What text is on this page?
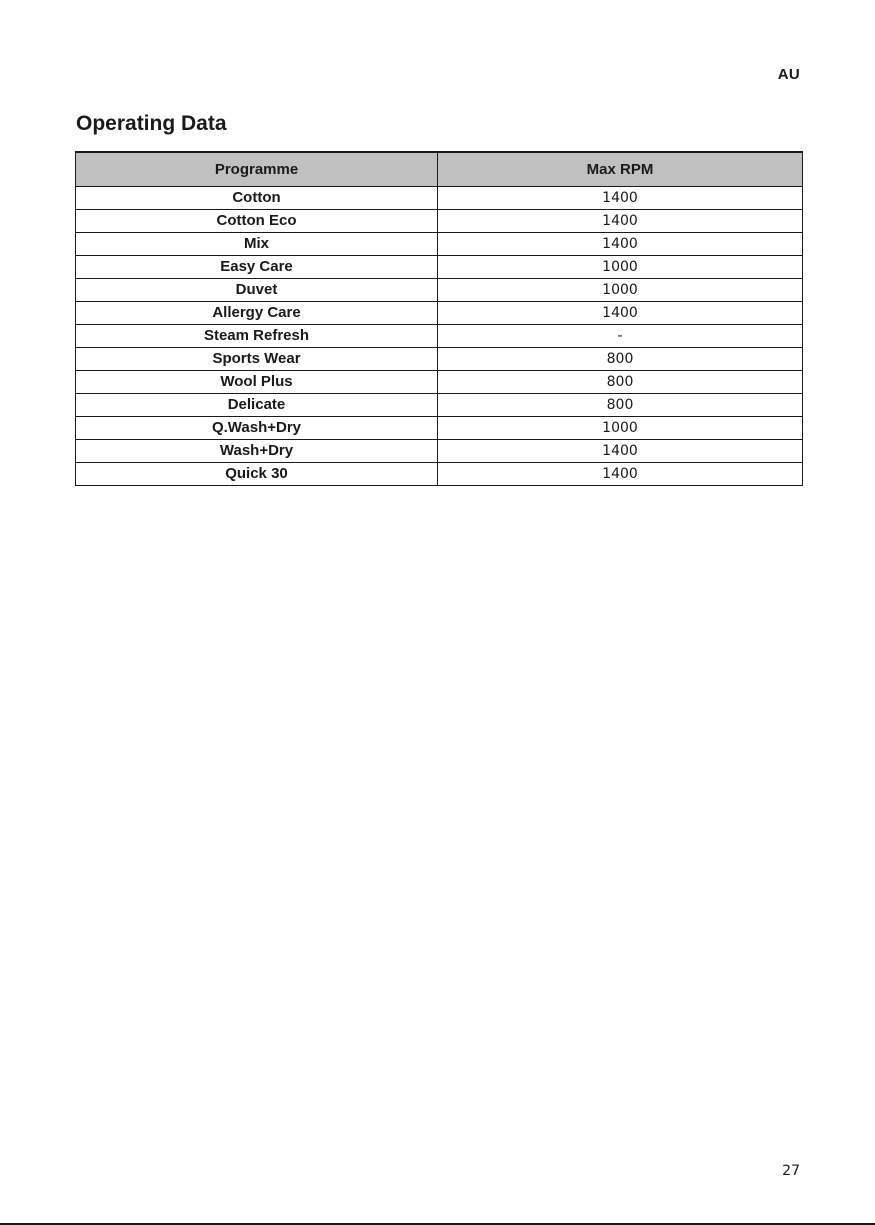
AU
Operating Data
Programme	Max RPM
Cotton	1400
Cotton Eco	1400
Mix	1400
Easy Care	1000
Duvet	1000
Allergy Care	1400
Steam Refresh	-
Sports Wear	800
Wool Plus	800
Delicate	800
Q.Wash+Dry	1000
Wash+Dry	1400
Quick 30	1400
27
